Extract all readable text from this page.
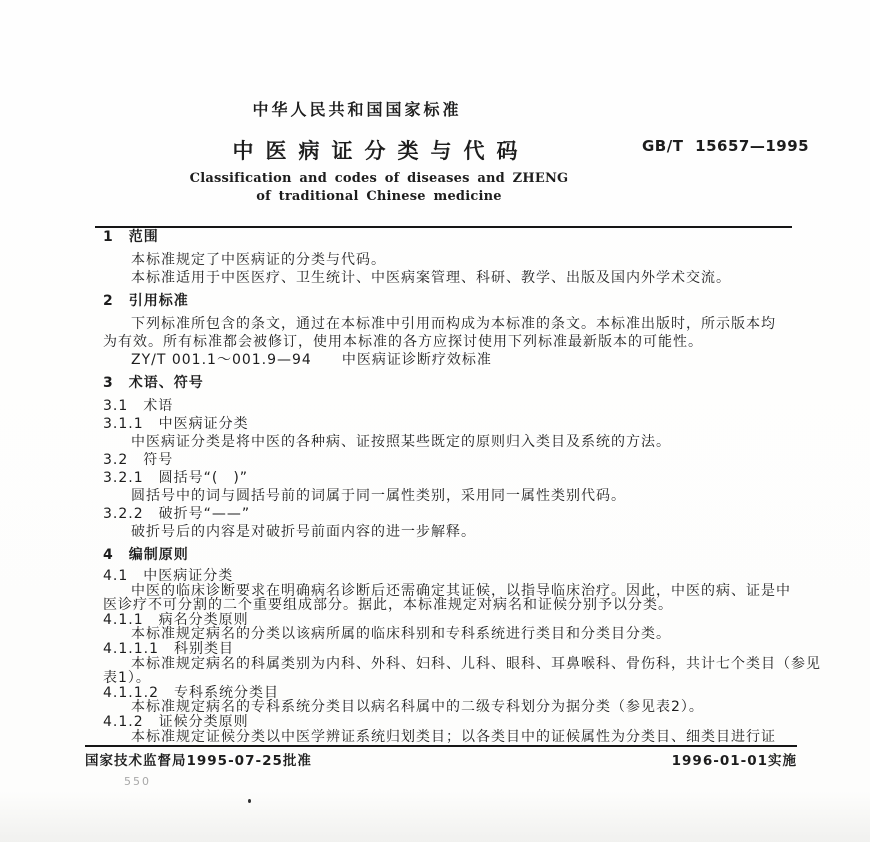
中华人民共和国国家标准
中医病证分类与代码	GB/T 15657—1995
Classification and codes of diseases and ZHENG
of traditional Chinese medicine
1　范围
本标准规定了中医病证的分类与代码。
本标准适用于中医医疗、卫生统计、中医病案管理、科研、教学、出版及国内外学术交流。
2　引用标准
下列标准所包含的条文，通过在本标准中引用而构成为本标准的条文。本标准出版时，所示版本均
为有效。所有标准都会被修订，使用本标准的各方应探讨使用下列标准最新版本的可能性。
ZY/T 001.1～001.9—94　　中医病证诊断疗效标准
3　术语、符号
3.1　术语
3.1.1　中医病证分类
中医病证分类是将中医的各种病、证按照某些既定的原则归入类目及系统的方法。
3.2　符号
3.2.1　圆括号“(　)”
圆括号中的词与圆括号前的词属于同一属性类别，采用同一属性类别代码。
3.2.2　破折号“——”
破折号后的内容是对破折号前面内容的进一步解释。
4　编制原则
4.1　中医病证分类
中医的临床诊断要求在明确病名诊断后还需确定其证候，以指导临床治疗。因此，中医的病、证是中
医诊疗不可分割的二个重要组成部分。据此，本标准规定对病名和证候分别予以分类。
4.1.1　病名分类原则
本标准规定病名的分类以该病所属的临床科别和专科系统进行类目和分类目分类。
4.1.1.1　科别类目
本标准规定病名的科属类别为内科、外科、妇科、儿科、眼科、耳鼻喉科、骨伤科，共计七个类目（参见
表1）。
4.1.1.2　专科系统分类目
本标准规定病名的专科系统分类目以病名科属中的二级专科划分为据分类（参见表2）。
4.1.2　证候分类原则
本标准规定证候分类以中医学辨证系统归划类目；以各类目中的证候属性为分类目、细类目进行证
国家技术监督局1995-07-25批准	1996-01-01实施
550
